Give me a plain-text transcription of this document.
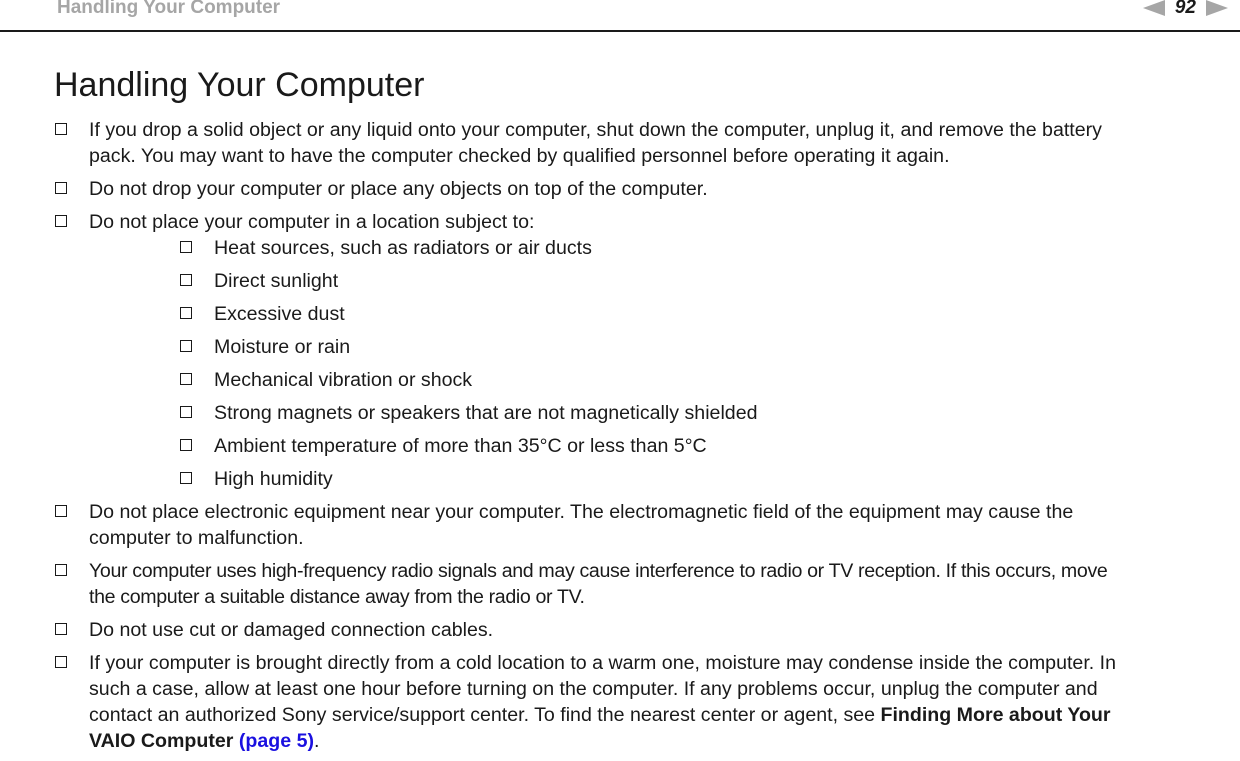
Handling Your Computer	92
Handling Your Computer
If you drop a solid object or any liquid onto your computer, shut down the computer, unplug it, and remove the battery
pack. You may want to have the computer checked by qualified personnel before operating it again.
Do not drop your computer or place any objects on top of the computer.
Do not place your computer in a location subject to:
Heat sources, such as radiators or air ducts
Direct sunlight
Excessive dust
Moisture or rain
Mechanical vibration or shock
Strong magnets or speakers that are not magnetically shielded
Ambient temperature of more than 35°C or less than 5°C
High humidity
Do not place electronic equipment near your computer. The electromagnetic field of the equipment may cause the
computer to malfunction.
Your computer uses high-frequency radio signals and may cause interference to radio or TV reception. If this occurs, move
the computer a suitable distance away from the radio or TV.
Do not use cut or damaged connection cables.
If your computer is brought directly from a cold location to a warm one, moisture may condense inside the computer. In
such a case, allow at least one hour before turning on the computer. If any problems occur, unplug the computer and
contact an authorized Sony service/support center. To find the nearest center or agent, see Finding More about Your
VAIO Computer (page 5).
